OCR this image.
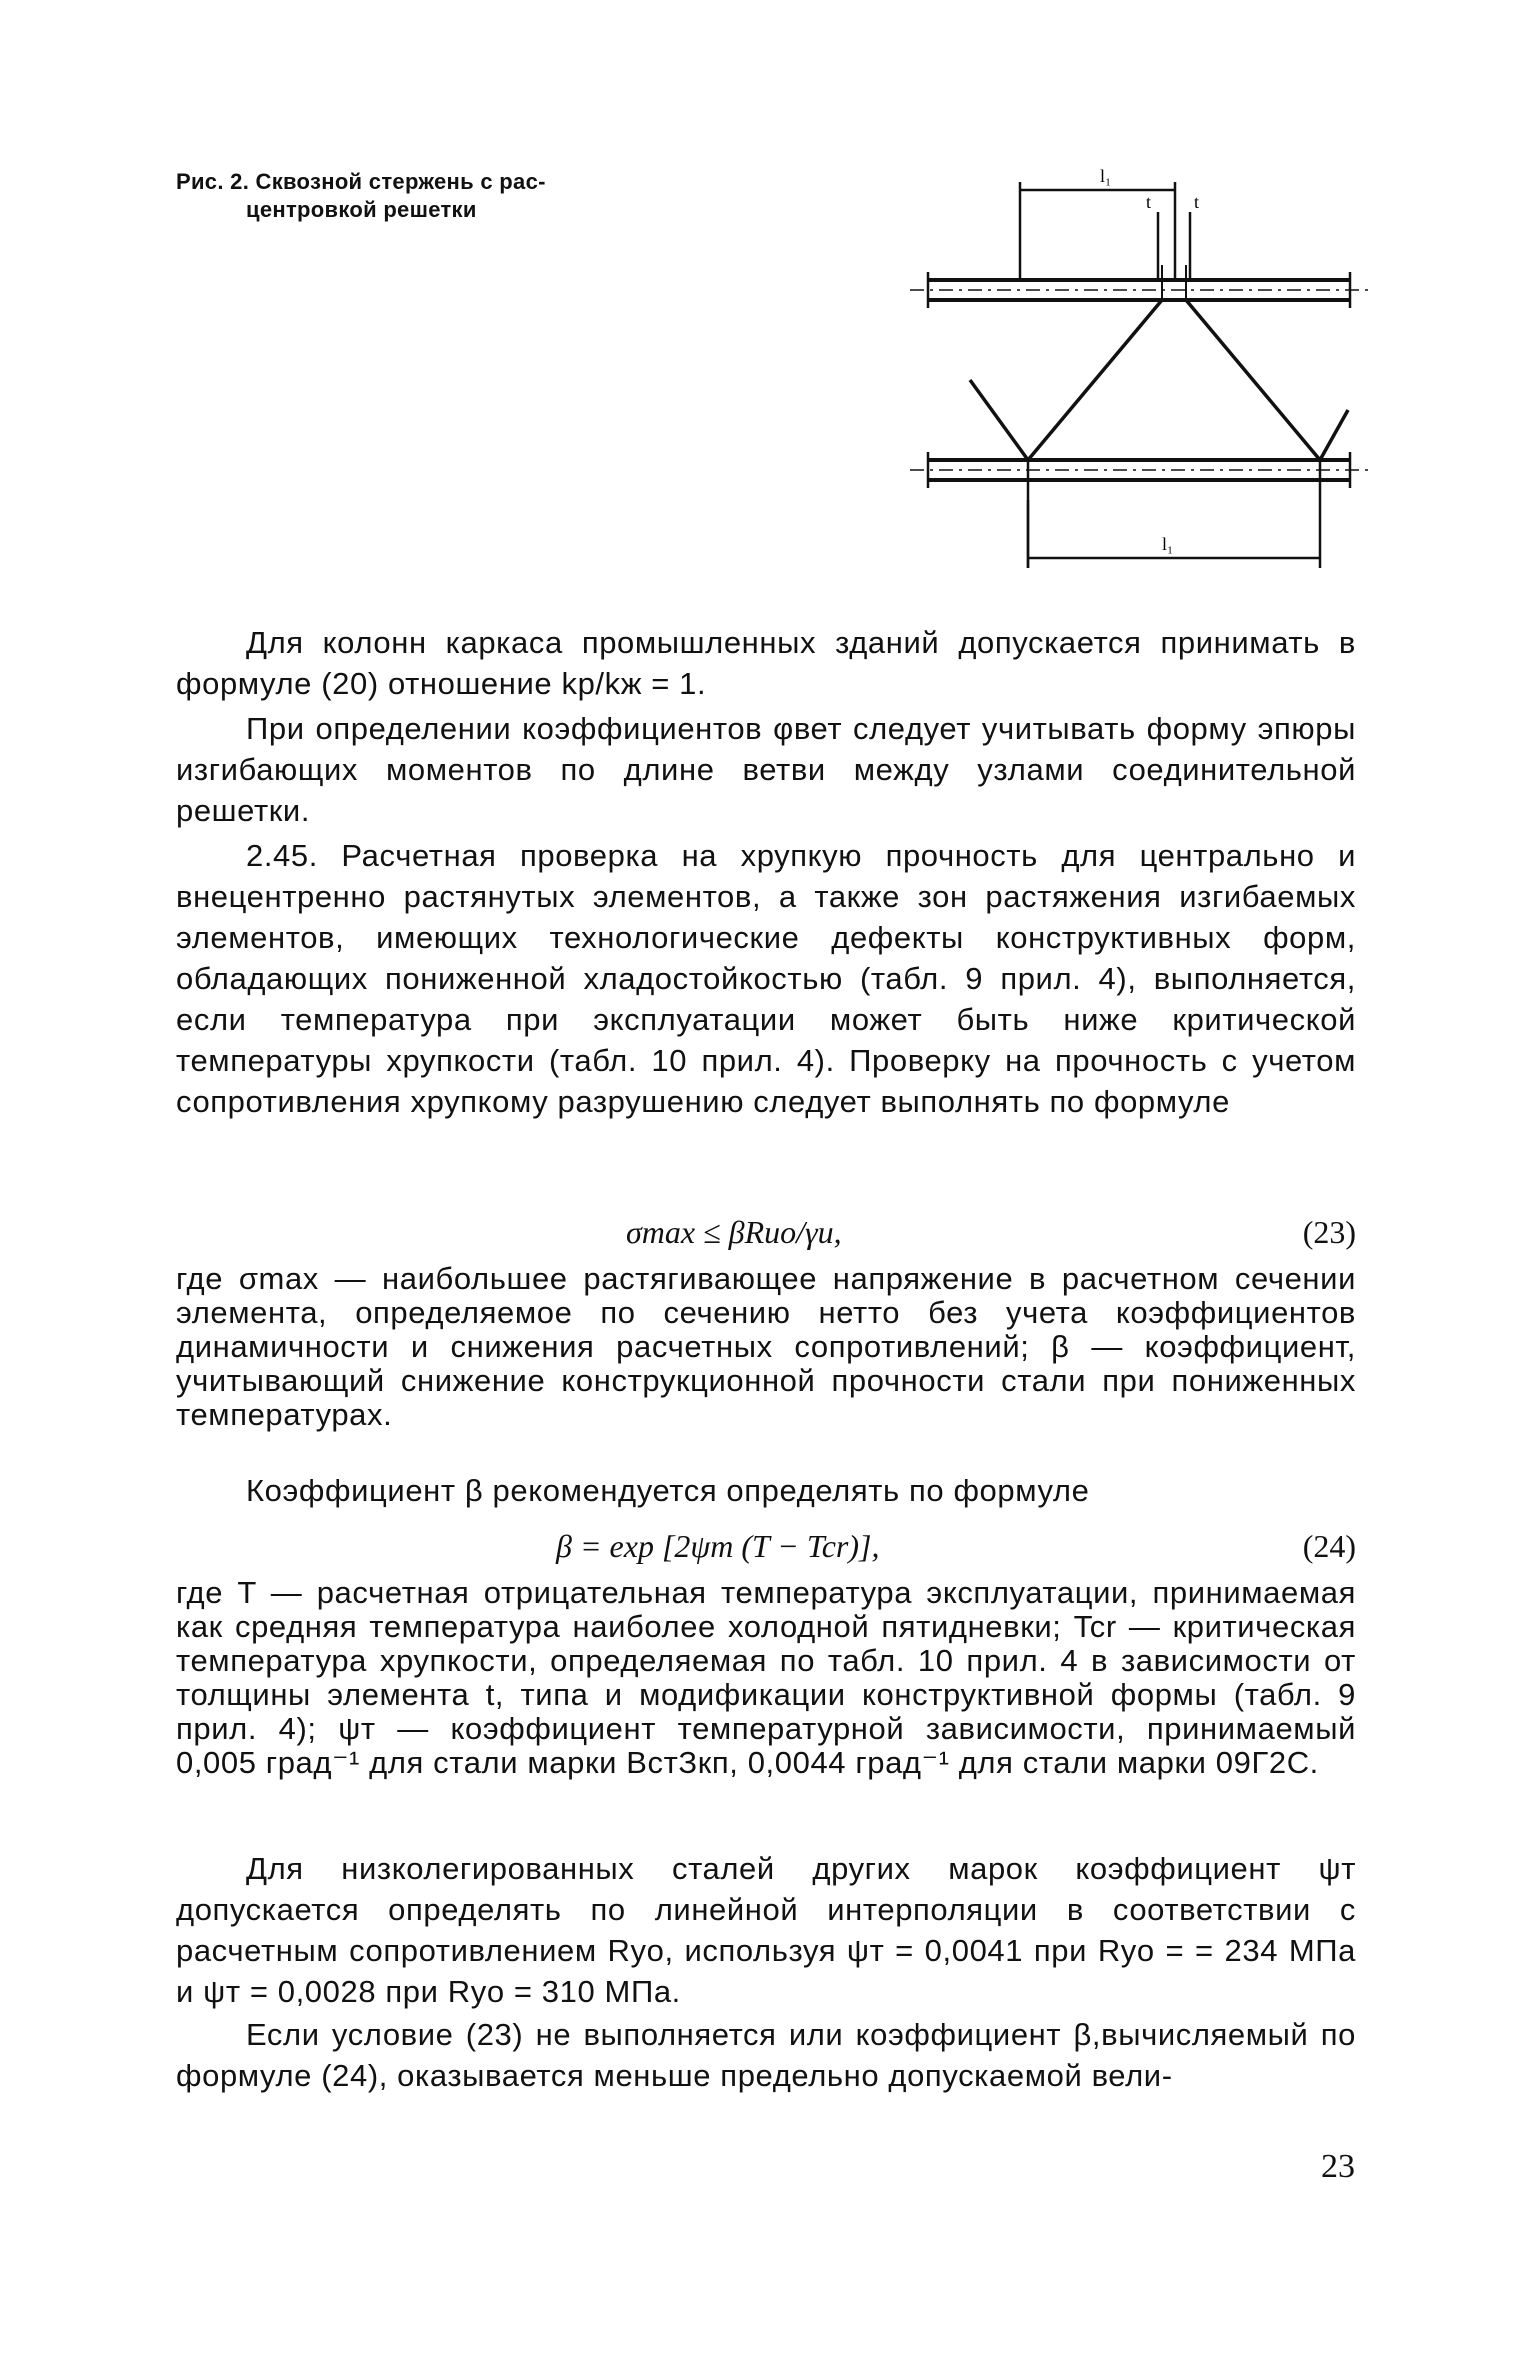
Рис. 2. Сквозной стержень с рас-
центровкой решетки
l₁
t t
l₁

Для колонн каркаса промышленных зданий допускается принимать в формуле (20) отношение kр/kж = 1.

При определении коэффициентов φвет следует учитывать форму эпюры изгибающих моментов по длине ветви между узлами соединительной решетки.

2.45. Расчетная проверка на хрупкую прочность для центрально и внецентренно растянутых элементов, а также зон растяжения изгибаемых элементов, имеющих технологические дефекты конструктивных форм, обладающих пониженной хладостойкостью (табл. 9 прил. 4), выполняется, если температура при эксплуатации может быть ниже критической температуры хрупкости (табл. 10 прил. 4). Проверку на прочность с учетом сопротивления хрупкому разрушению следует выполнять по формуле

σmax ≤ βRuo/γu,	(23)

где σmax — наибольшее растягивающее напряжение в расчетном сечении элемента, определяемое по сечению нетто без учета коэффициентов динамичности и снижения расчетных сопротивлений; β — коэффициент, учитывающий снижение конструкционной прочности стали при пониженных температурах.

Коэффициент β рекомендуется определять по формуле

β = exp [2ψт (T − Tcr)],	(24)

где T — расчетная отрицательная температура эксплуатации, принимаемая как средняя температура наиболее холодной пятидневки; Tcr — критическая температура хрупкости, определяемая по табл. 10 прил. 4 в зависимости от толщины элемента t, типа и модификации конструктивной формы (табл. 9 прил. 4); ψт — коэффициент температурной зависимости, принимаемый 0,005 град⁻¹ для стали марки ВстЗкп, 0,0044 град⁻¹ для стали марки 09Г2С.

Для низколегированных сталей других марок коэффициент ψт допускается определять по линейной интерполяции в соответствии с расчетным сопротивлением Ryo, используя ψт = 0,0041 при Ryo = = 234 МПа и ψт = 0,0028 при Ryo = 310 МПа.

Если условие (23) не выполняется или коэффициент β,вычисляемый по формуле (24), оказывается меньше предельно допускаемой вели-

23
